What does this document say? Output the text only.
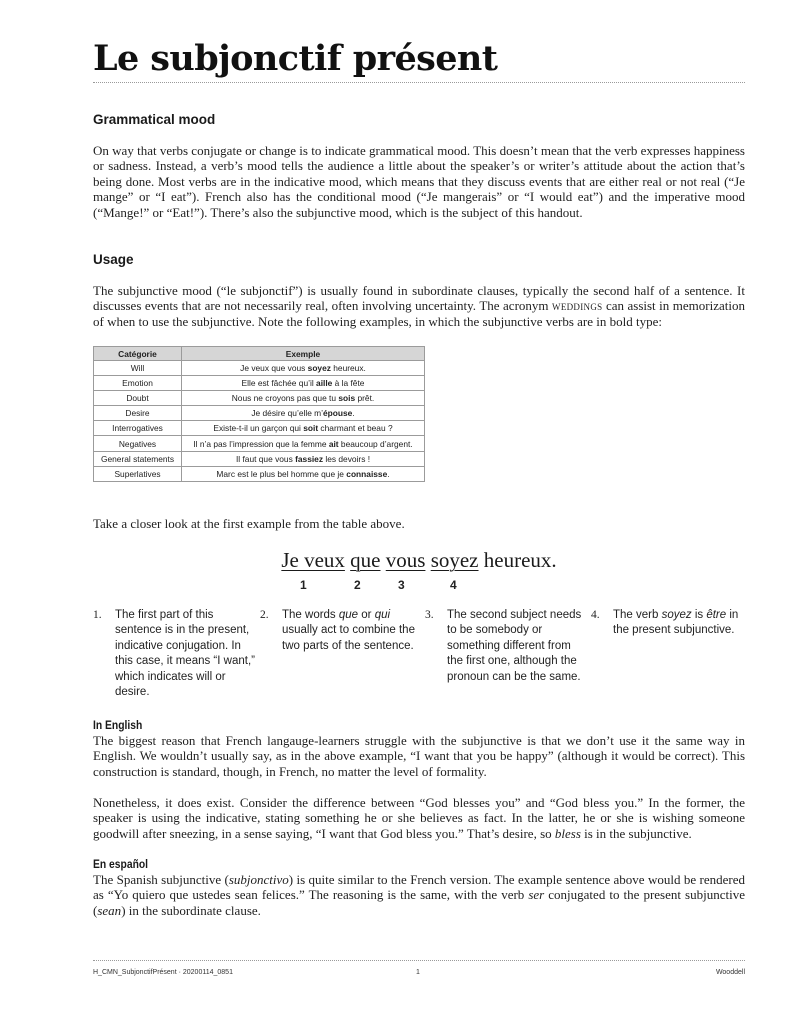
Le subjonctif présent
Grammatical mood

On way that verbs conjugate or change is to indicate grammatical mood. This doesn’t mean that the verb expresses happiness or sadness. Instead, a verb’s mood tells the audience a little about the speaker’s or writer’s attitude about the action that’s being done. Most verbs are in the indicative mood, which means that they discuss events that are either real or not real (“Je mange” or “I eat”). French also has the conditional mood (“Je mangerais” or “I would eat”) and the imperative mood (“Mange!” or “Eat!”). There’s also the subjunctive mood, which is the subject of this handout.

Usage

The subjunctive mood (“le subjonctif”) is usually found in subordinate clauses, typically the second half of a sentence. It discusses events that are not necessarily real, often involving uncertainty. The acronym weddings can assist in memorization of when to use the subjunctive. Note the following examples, in which the subjunctive verbs are in bold type:

Catégorie	Exemple
Will	Je veux que vous soyez heureux.
Emotion	Elle est fâchée qu’il aille à la fête
Doubt	Nous ne croyons pas que tu sois prêt.
Desire	Je désire qu’elle m’épouse.
Interrogatives	Existe-t-il un garçon qui soit charmant et beau ?
Negatives	Il n’a pas l’impression que la femme ait beaucoup d’argent.
General statements	Il faut que vous fassiez les devoirs !
Superlatives	Marc est le plus bel homme que je connaisse.

Take a closer look at the first example from the table above.

Je veux que vous soyez heureux.
1	2	3	4
1. The first part of this sentence is in the present, indicative conjugation. In this case, it means “I want,” which indicates will or desire.
2. The words que or qui usually act to combine the two parts of the sentence.
3. The second subject needs to be somebody or something different from the first one, although the pronoun can be the same.
4. The verb soyez is être in the present subjunctive.
In English

The biggest reason that French langauge-learners struggle with the subjunctive is that we don’t use it the same way in English. We wouldn’t usually say, as in the above example, “I want that you be happy” (although it would be correct). This construction is standard, though, in French, no matter the level of formality.

Nonetheless, it does exist. Consider the difference between “God blesses you” and “God bless you.” In the former, the speaker is using the indicative, stating something he or she believes as fact. In the latter, he or she is wishing someone goodwill after sneezing, in a sense saying, “I want that God bless you.” That’s desire, so bless is in the subjunctive.

En español

The Spanish subjunctive (subjonctivo) is quite similar to the French version. The example sentence above would be rendered as “Yo quiero que ustedes sean felices.” The reasoning is the same, with the verb ser conjugated to the present subjunctive (sean) in the subordinate clause.

H_CMN_SubjonctifPrésent · 20200114_0851	1	Wooddell
